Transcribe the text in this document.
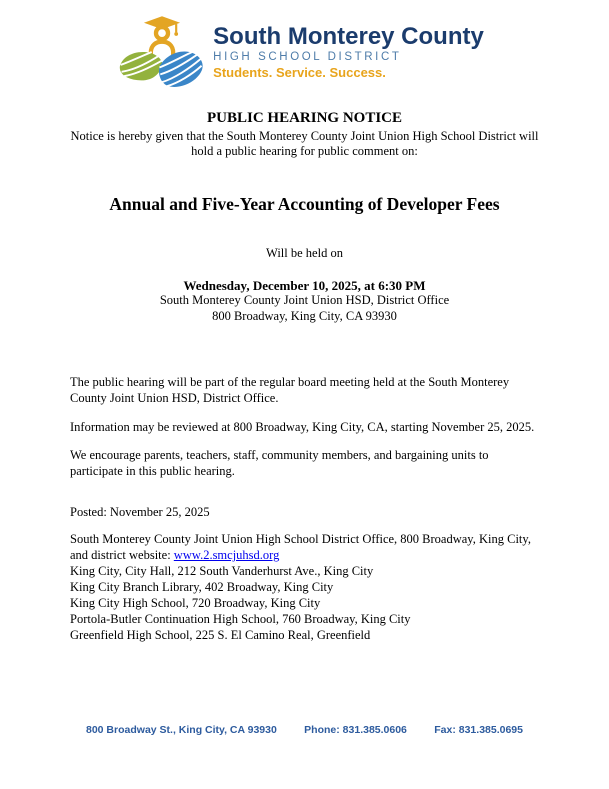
South Monterey County
HIGH SCHOOL DISTRICT
Students. Service. Success.
PUBLIC HEARING NOTICE
Notice is hereby given that the South Monterey County Joint Union High School District will hold a public hearing for public comment on:
Annual and Five-Year Accounting of Developer Fees
Will be held on
Wednesday, December 10, 2025, at 6:30 PM
South Monterey County Joint Union HSD, District Office
800 Broadway, King City, CA 93930

The public hearing will be part of the regular board meeting held at the South Monterey County Joint Union HSD, District Office.

Information may be reviewed at 800 Broadway, King City, CA, starting November 25, 2025.

We encourage parents, teachers, staff, community members, and bargaining units to participate in this public hearing.

Posted: November 25, 2025

South Monterey County Joint Union High School District Office, 800 Broadway, King City, and district website: www.2.smcjuhsd.org

King City, City Hall, 212 South Vanderhurst Ave., King City

King City Branch Library, 402 Broadway, King City

King City High School, 720 Broadway, King City

Portola-Butler Continuation High School, 760 Broadway, King City

Greenfield High School, 225 S. El Camino Real, Greenfield

800 Broadway St., King City, CA 93930	Phone: 831.385.0606	Fax: 831.385.0695
